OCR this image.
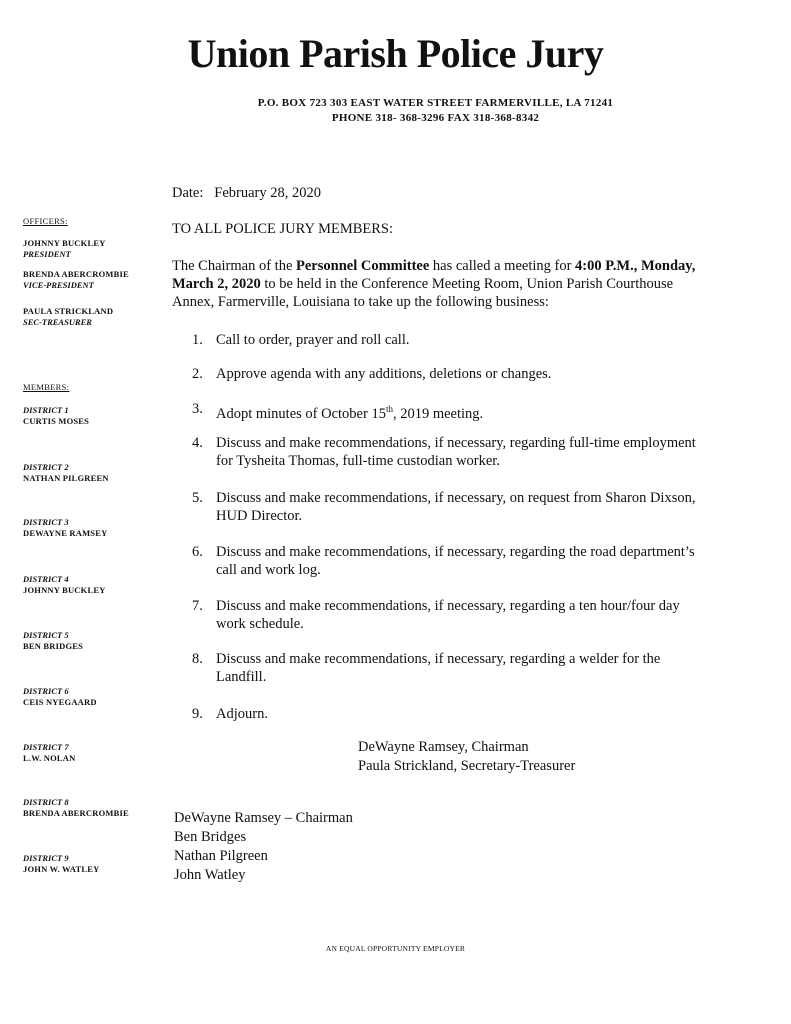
Union Parish Police Jury
P.O. BOX 723 303 EAST WATER STREET FARMERVILLE, LA 71241
PHONE 318- 368-3296 FAX 318-368-8342
OFFICERS:
JOHNNY BUCKLEY
PRESIDENT
BRENDA ABERCROMBIE
VICE-PRESIDENT
PAULA STRICKLAND
SEC-TREASURER
MEMBERS:
DISTRICT 1
CURTIS MOSES
DISTRICT 2
NATHAN PILGREEN
DISTRICT 3
DEWAYNE RAMSEY
DISTRICT 4
JOHNNY BUCKLEY
DISTRICT 5
BEN BRIDGES
DISTRICT 6
CEIS NYEGAARD
DISTRICT 7
L.W. NOLAN
DISTRICT 8
BRENDA ABERCROMBIE
DISTRICT 9
JOHN W. WATLEY
Date: February 28, 2020
TO ALL POLICE JURY MEMBERS:
The Chairman of the Personnel Committee has called a meeting for 4:00 P.M., Monday, March 2, 2020 to be held in the Conference Meeting Room, Union Parish Courthouse Annex, Farmerville, Louisiana to take up the following business:
1. Call to order, prayer and roll call.
2. Approve agenda with any additions, deletions or changes.
3. Adopt minutes of October 15th, 2019 meeting.
4. Discuss and make recommendations, if necessary, regarding full-time employment for Tysheita Thomas, full-time custodian worker.
5. Discuss and make recommendations, if necessary, on request from Sharon Dixson, HUD Director.
6. Discuss and make recommendations, if necessary, regarding the road department’s call and work log.
7. Discuss and make recommendations, if necessary, regarding a ten hour/four day work schedule.
8. Discuss and make recommendations, if necessary, regarding a welder for the Landfill.
9. Adjourn.
DeWayne Ramsey, Chairman
Paula Strickland, Secretary-Treasurer
DeWayne Ramsey – Chairman
Ben Bridges
Nathan Pilgreen
John Watley
AN EQUAL OPPORTUNITY EMPLOYER
